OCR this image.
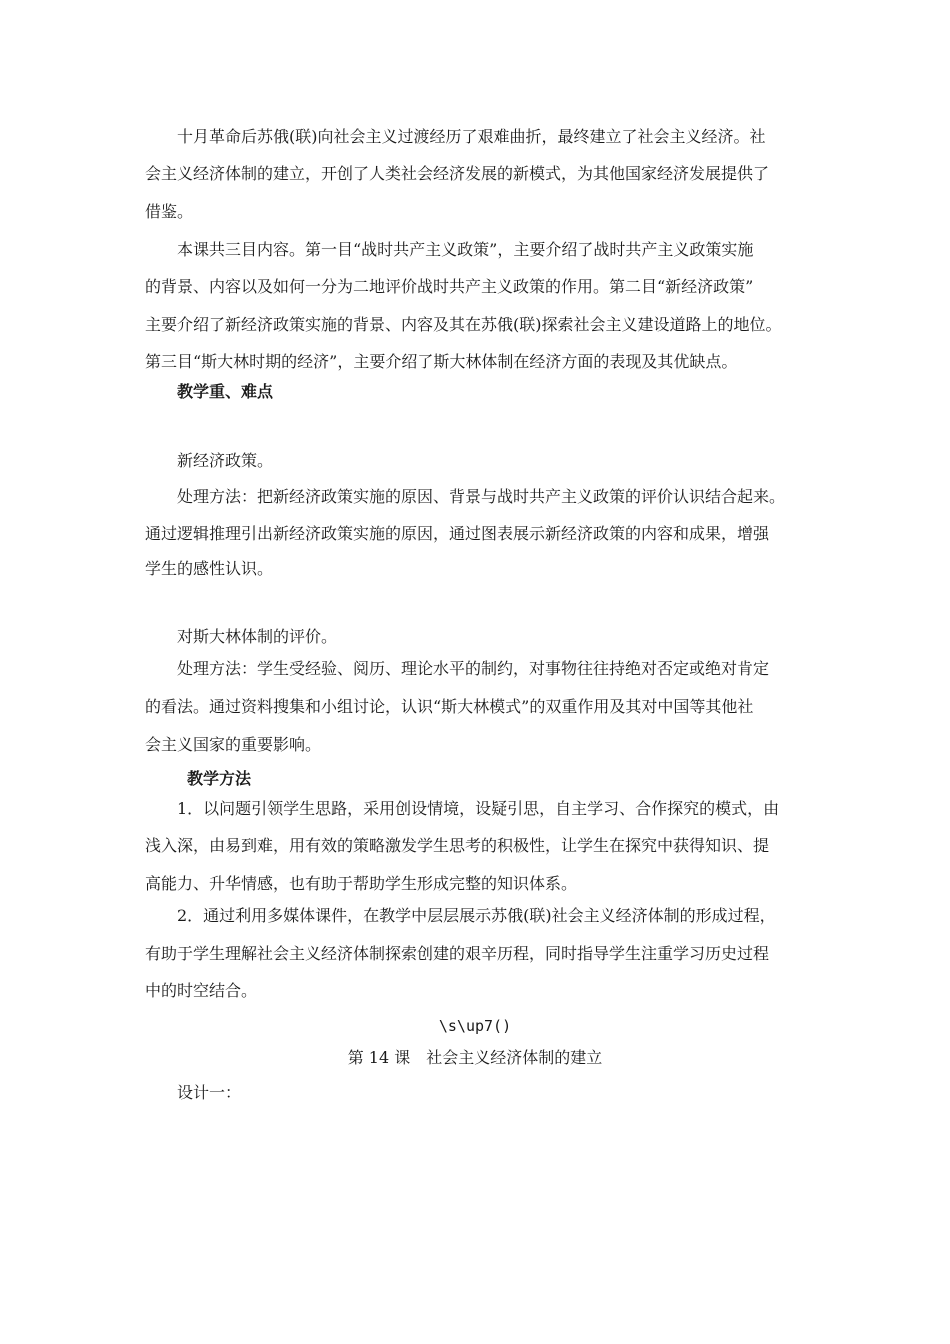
十月革命后苏俄(联)向社会主义过渡经历了艰难曲折，最终建立了社会主义经济。社
会主义经济体制的建立，开创了人类社会经济发展的新模式，为其他国家经济发展提供了
借鉴。
本课共三目内容。第一目“战时共产主义政策”，主要介绍了战时共产主义政策实施
的背景、内容以及如何一分为二地评价战时共产主义政策的作用。第二目“新经济政策”
主要介绍了新经济政策实施的背景、内容及其在苏俄(联)探索社会主义建设道路上的地位。
第三目“斯大林时期的经济”，主要介绍了斯大林体制在经济方面的表现及其优缺点。
教学重、难点
新经济政策。
处理方法：把新经济政策实施的原因、背景与战时共产主义政策的评价认识结合起来。
通过逻辑推理引出新经济政策实施的原因，通过图表展示新经济政策的内容和成果，增强
学生的感性认识。
对斯大林体制的评价。
处理方法：学生受经验、阅历、理论水平的制约，对事物往往持绝对否定或绝对肯定
的看法。通过资料搜集和小组讨论，认识“斯大林模式”的双重作用及其对中国等其他社
会主义国家的重要影响。
教学方法
1．以问题引领学生思路，采用创设情境，设疑引思，自主学习、合作探究的模式，由
浅入深，由易到难，用有效的策略激发学生思考的积极性，让学生在探究中获得知识、提
高能力、升华情感，也有助于帮助学生形成完整的知识体系。
2．通过利用多媒体课件，在教学中层层展示苏俄(联)社会主义经济体制的形成过程，
有助于学生理解社会主义经济体制探索创建的艰辛历程，同时指导学生注重学习历史过程
中的时空结合。
\s\up7()
第 14 课　社会主义经济体制的建立
设计一：
